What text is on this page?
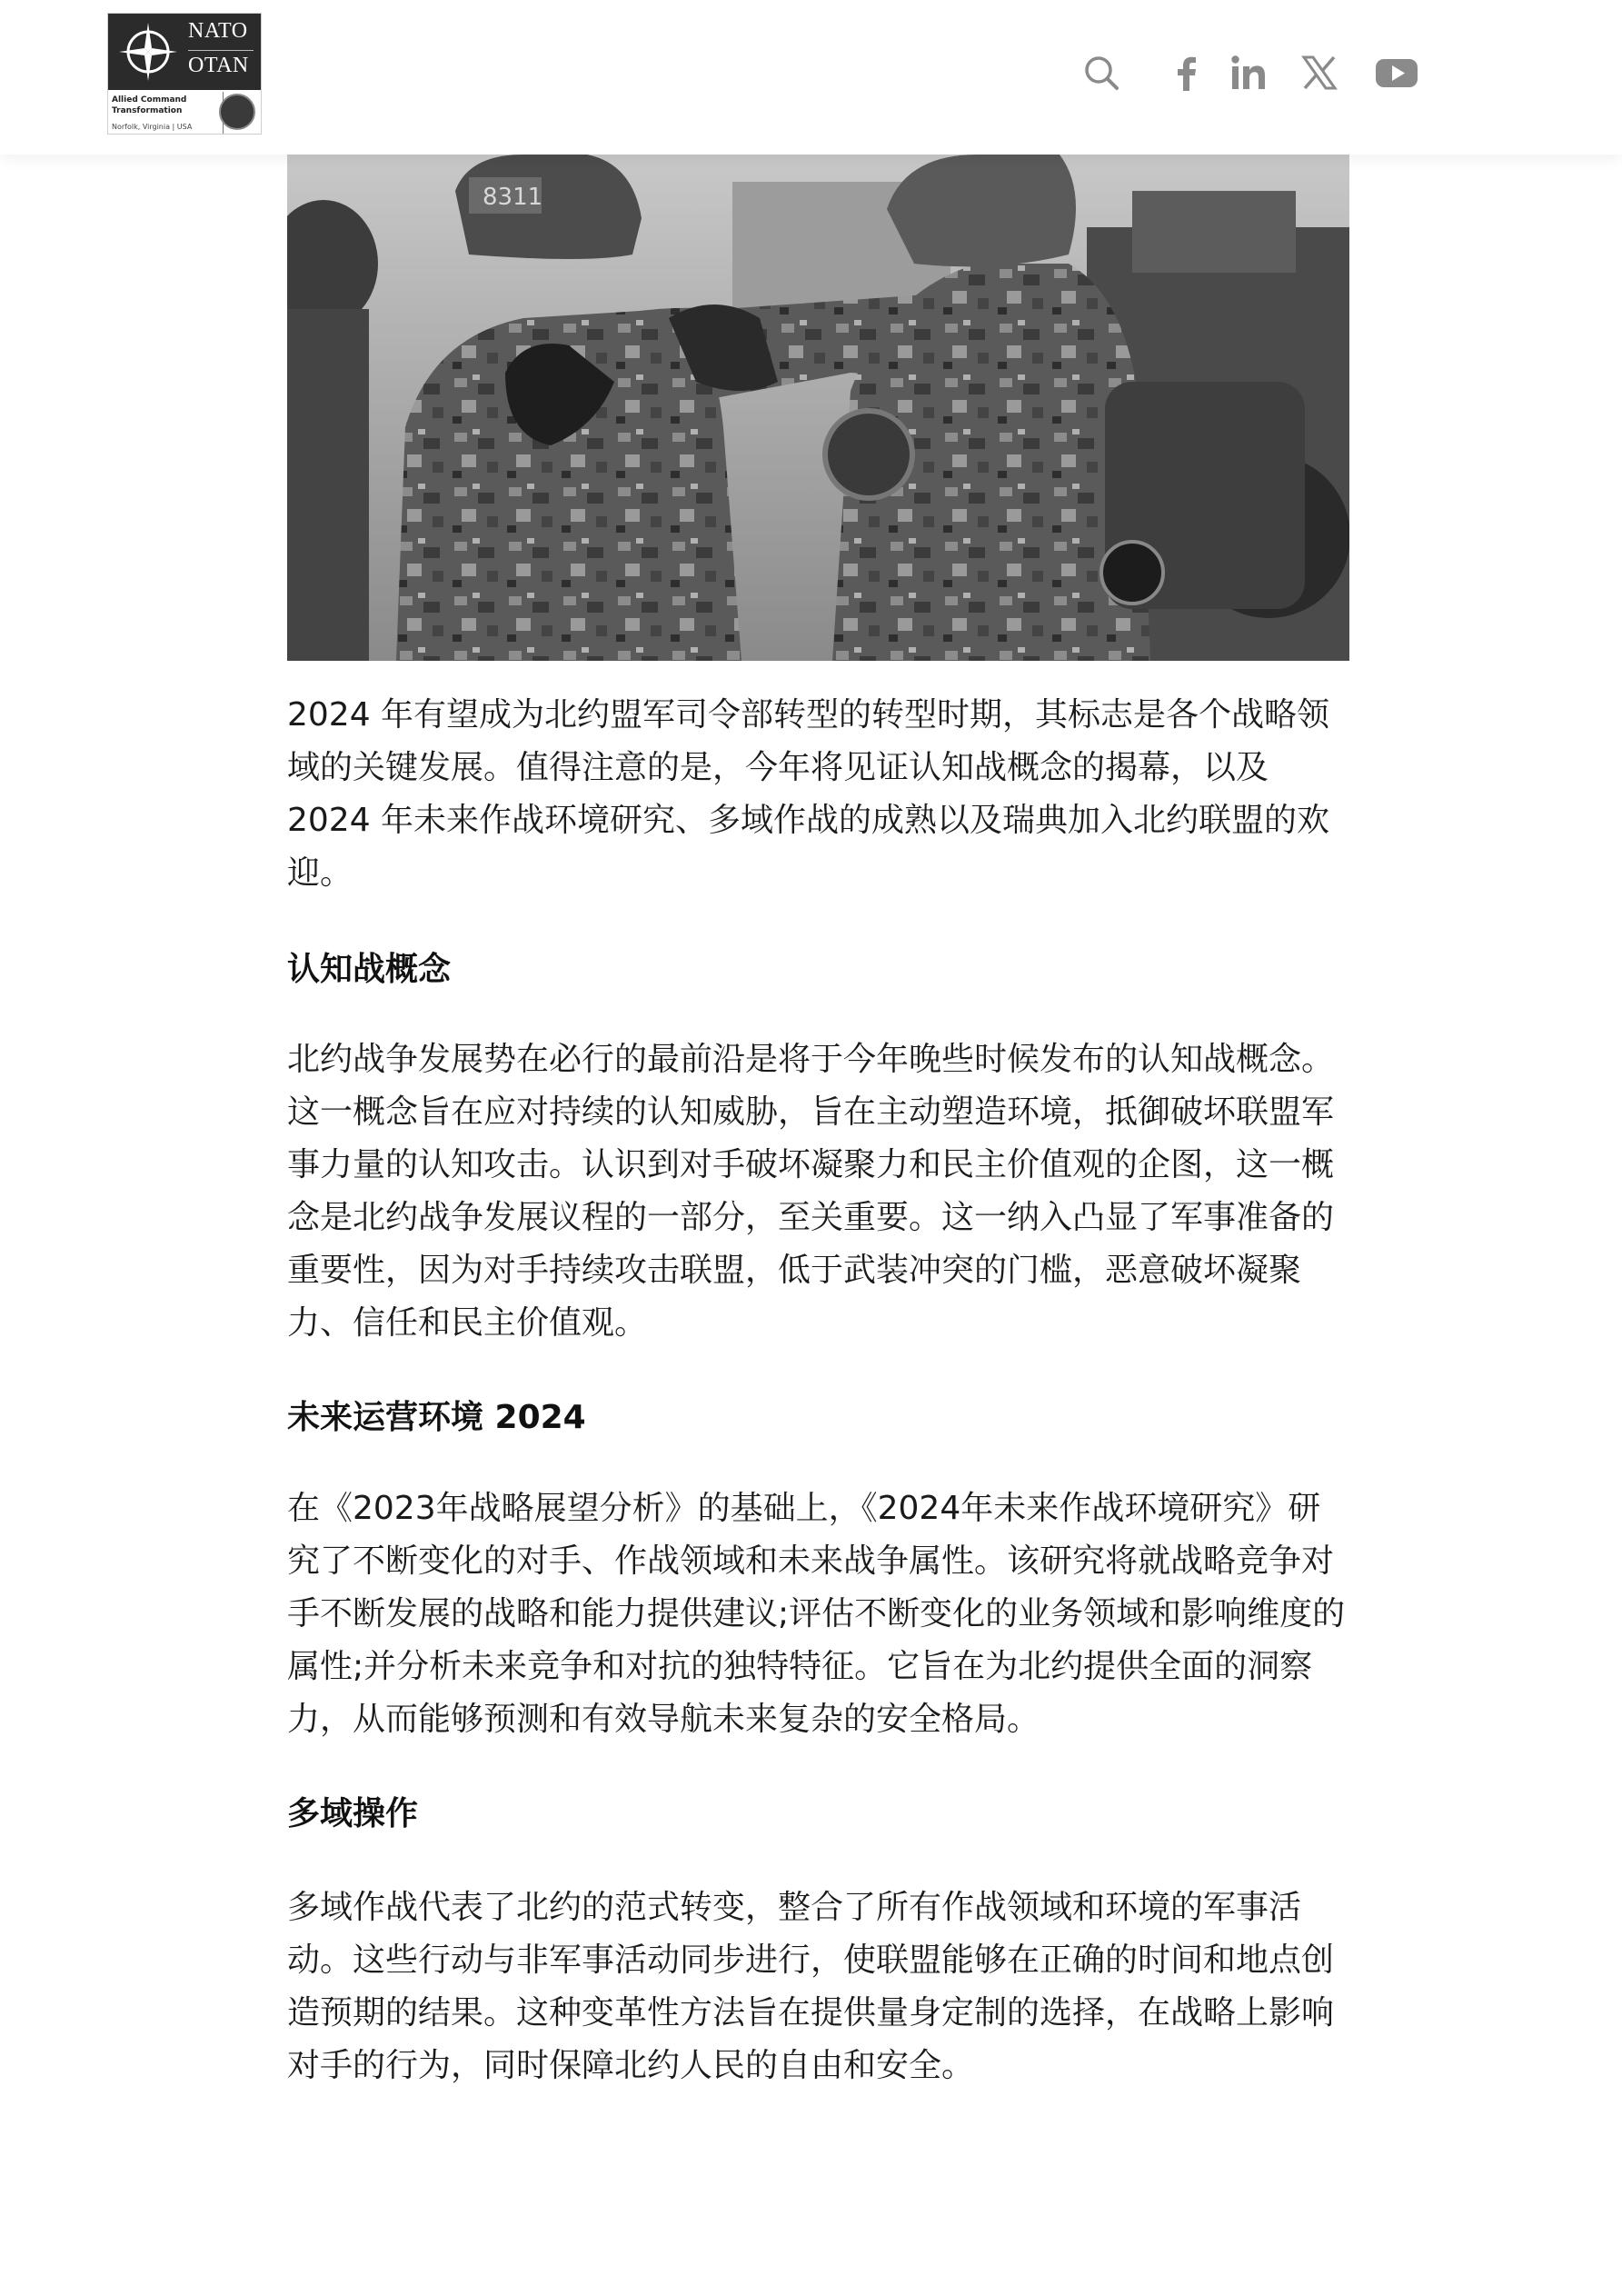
NATO
OTAN
Allied Command
Transformation
Norfolk, Virginia | USA
8311

2024 年有望成为北约盟军司令部转型的转型时期，其标志是各个战略领域的关键发展。值得注意的是，今年将见证认知战概念的揭幕，以及 2024 年未来作战环境研究、多域作战的成熟以及瑞典加入北约联盟的欢迎。

认知战概念

北约战争发展势在必行的最前沿是将于今年晚些时候发布的认知战概念。这一概念旨在应对持续的认知威胁，旨在主动塑造环境，抵御破坏联盟军事力量的认知攻击。认识到对手破坏凝聚力和民主价值观的企图，这一概念是北约战争发展议程的一部分，至关重要。这一纳入凸显了军事准备的重要性，因为对手持续攻击联盟，低于武装冲突的门槛，恶意破坏凝聚力、信任和民主价值观。

未来运营环境 2024

在《2023年战略展望分析》的基础上，《2024年未来作战环境研究》研究了不断变化的对手、作战领域和未来战争属性。该研究将就战略竞争对手不断发展的战略和能力提供建议;评估不断变化的业务领域和影响维度的属性;并分析未来竞争和对抗的独特特征。它旨在为北约提供全面的洞察力，从而能够预测和有效导航未来复杂的安全格局。

多域操作

多域作战代表了北约的范式转变，整合了所有作战领域和环境的军事活动。这些行动与非军事活动同步进行，使联盟能够在正确的时间和地点创造预期的结果。这种变革性方法旨在提供量身定制的选择，在战略上影响对手的行为，同时保障北约人民的自由和安全。
